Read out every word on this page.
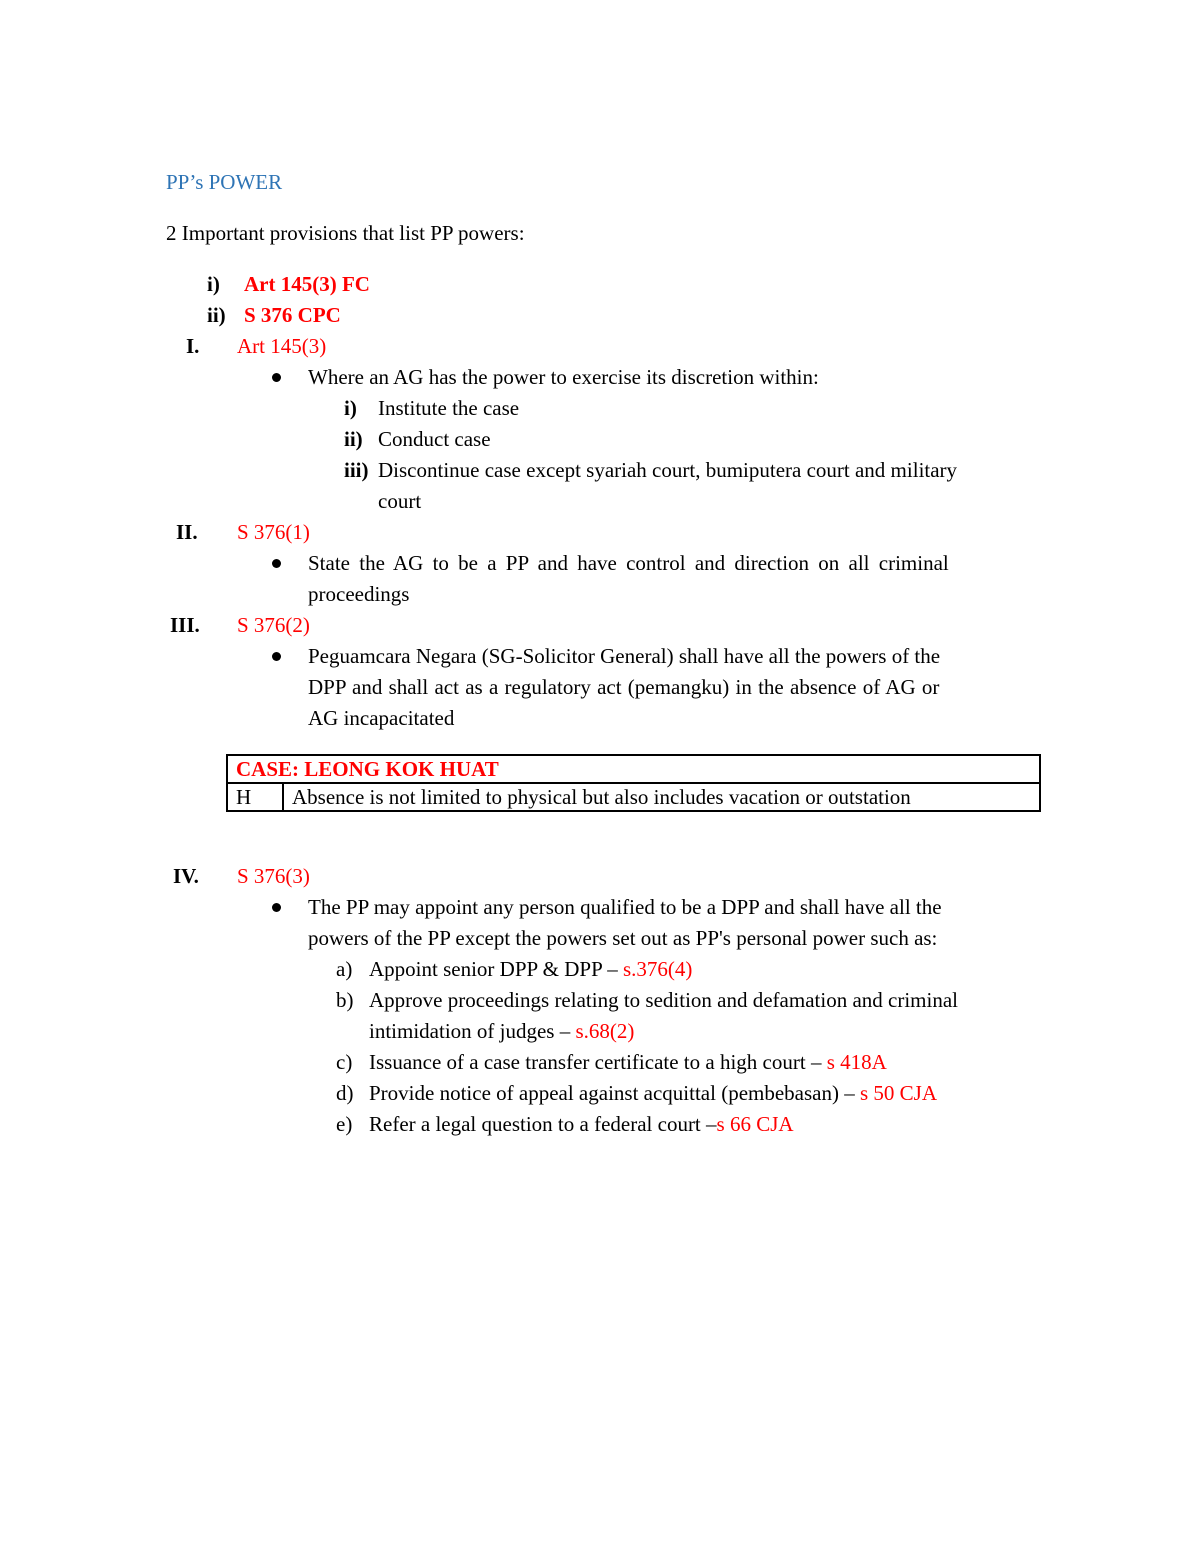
PP’s POWER
2 Important provisions that list PP powers:
i) Art 145(3) FC
ii) S 376 CPC
I. Art 145(3)
Where an AG has the power to exercise its discretion within:
i) Institute the case
ii) Conduct case
iii) Discontinue case except syariah court, bumiputera court and military
court
II. S 376(1)
State the AG to be a PP and have control and direction on all criminal
proceedings
III. S 376(2)
Peguamcara Negara (SG-Solicitor General) shall have all the powers of the
DPP and shall act as a regulatory act (pemangku) in the absence of AG or
AG incapacitated
CASE: LEONG KOK HUAT
H	Absence is not limited to physical but also includes vacation or outstation
IV. S 376(3)
The PP may appoint any person qualified to be a DPP and shall have all the
powers of the PP except the powers set out as PP's personal power such as:
a) Appoint senior DPP & DPP – s.376(4)
b) Approve proceedings relating to sedition and defamation and criminal
intimidation of judges – s.68(2)
c) Issuance of a case transfer certificate to a high court – s 418A
d) Provide notice of appeal against acquittal (pembebasan) – s 50 CJA
e) Refer a legal question to a federal court –s 66 CJA
